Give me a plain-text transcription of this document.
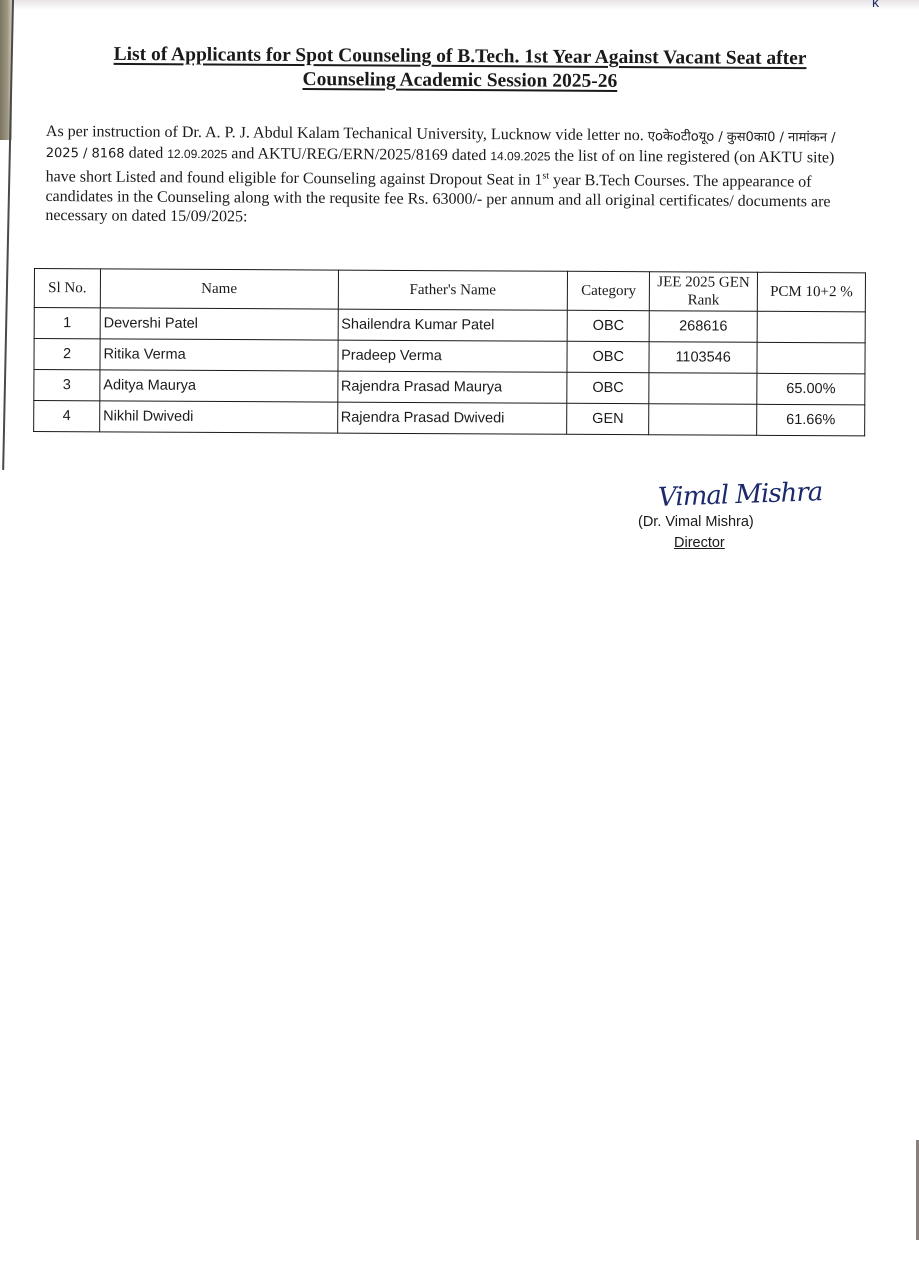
ĸ
List of Applicants for Spot Counseling of B.Tech. 1st Year Against Vacant Seat after
Counseling Academic Session 2025-26
As per instruction of Dr. A. P. J. Abdul Kalam Techanical University, Lucknow vide letter no. एoकेoटीoयूo / कुस0का0 / नामांकन / 2025 / 8168 dated 12.09.2025 and AKTU/REG/ERN/2025/8169 dated 14.09.2025 the list of on line registered (on AKTU site) have short Listed and found eligible for Counseling against Dropout Seat in 1st year B.Tech Courses. The appearance of candidates in the Counseling along with the requsite fee Rs. 63000/- per annum and all original certificates/ documents are necessary on dated 15/09/2025:
Sl No.	Name	Father's Name	Category	JEE 2025 GEN Rank	PCM 10+2 %
1	Devershi Patel	Shailendra Kumar Patel	OBC	268616	
2	Ritika Verma	Pradeep Verma	OBC	1103546	
3	Aditya Maurya	Rajendra Prasad Maurya	OBC		65.00%
4	Nikhil Dwivedi	Rajendra Prasad Dwivedi	GEN		61.66%
Vimal Mishra
(Dr. Vimal Mishra)
Director
